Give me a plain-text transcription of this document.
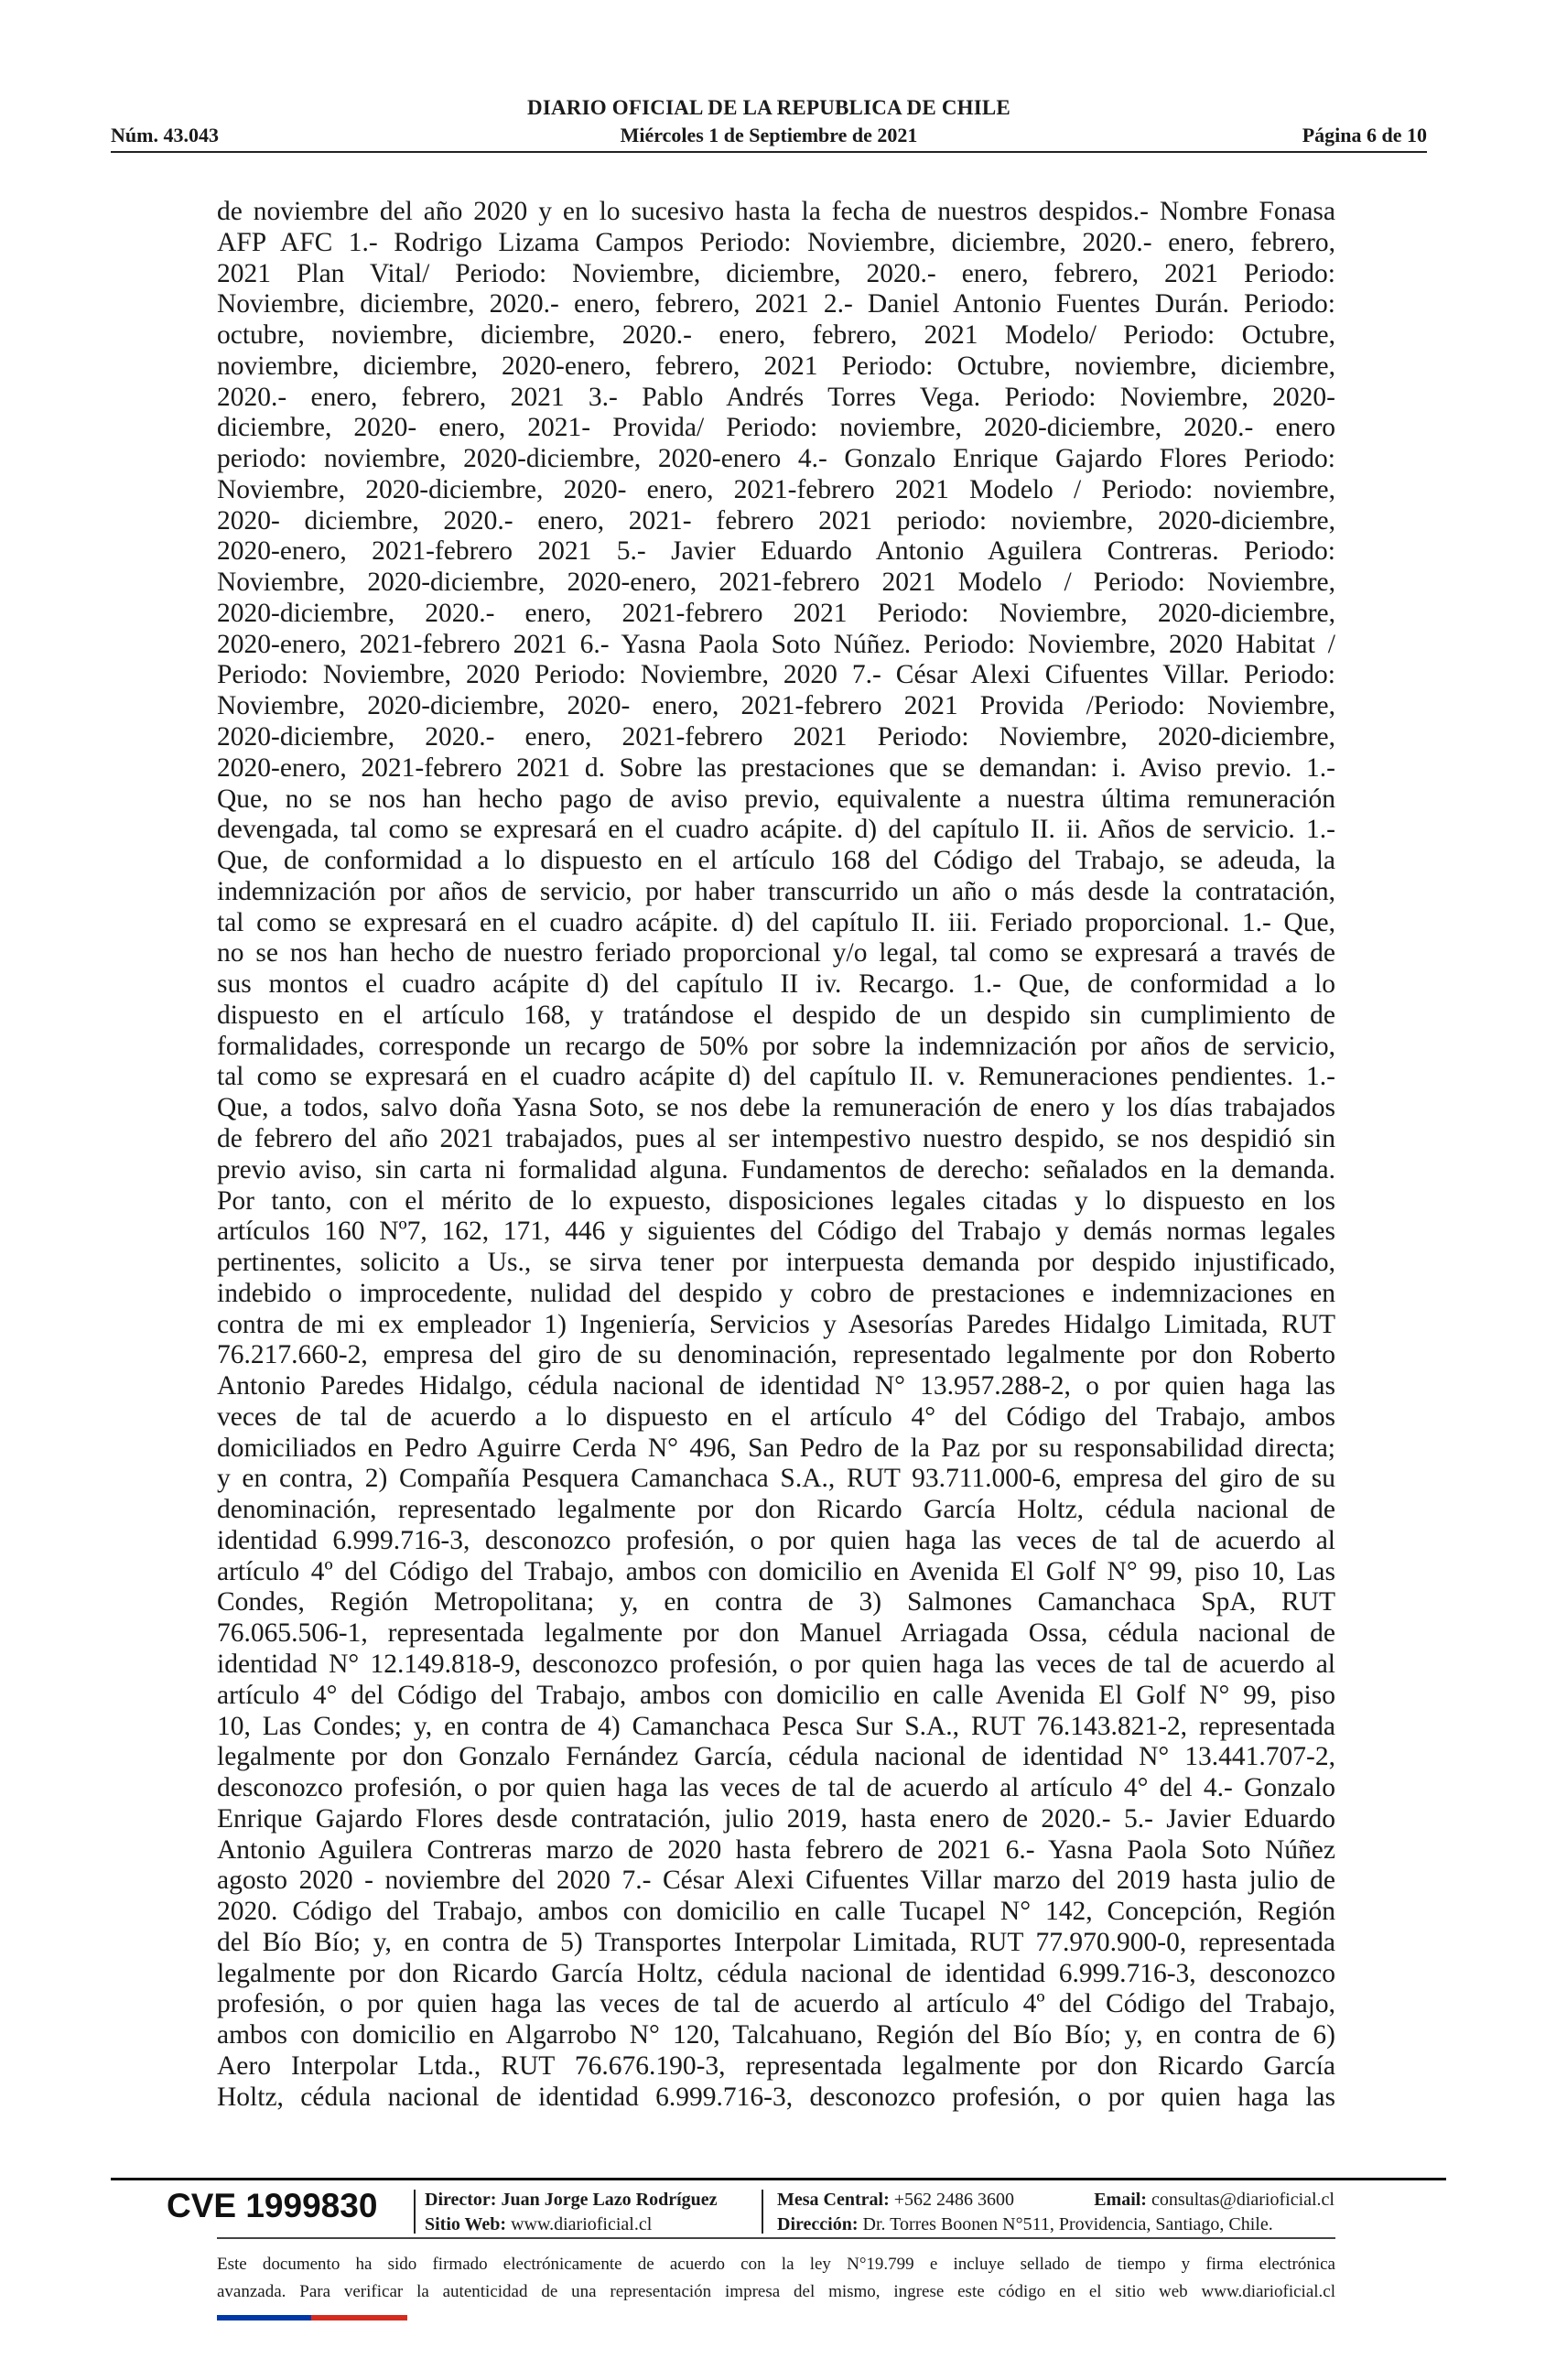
DIARIO OFICIAL DE LA REPUBLICA DE CHILE
Núm. 43.043	Miércoles 1 de Septiembre de 2021	Página 6 de 10
de noviembre del año 2020 y en lo sucesivo hasta la fecha de nuestros despidos.- Nombre Fonasa
AFP AFC 1.- Rodrigo Lizama Campos Periodo: Noviembre, diciembre, 2020.- enero, febrero,
2021 Plan Vital/ Periodo: Noviembre, diciembre, 2020.- enero, febrero, 2021 Periodo:
Noviembre, diciembre, 2020.- enero, febrero, 2021 2.- Daniel Antonio Fuentes Durán. Periodo:
octubre, noviembre, diciembre, 2020.- enero, febrero, 2021 Modelo/ Periodo: Octubre,
noviembre, diciembre, 2020-enero, febrero, 2021 Periodo: Octubre, noviembre, diciembre,
2020.- enero, febrero, 2021 3.- Pablo Andrés Torres Vega. Periodo: Noviembre, 2020-
diciembre, 2020- enero, 2021- Provida/ Periodo: noviembre, 2020-diciembre, 2020.- enero
periodo: noviembre, 2020-diciembre, 2020-enero 4.- Gonzalo Enrique Gajardo Flores Periodo:
Noviembre, 2020-diciembre, 2020- enero, 2021-febrero 2021 Modelo / Periodo: noviembre,
2020- diciembre, 2020.- enero, 2021- febrero 2021 periodo: noviembre, 2020-diciembre,
2020-enero, 2021-febrero 2021 5.- Javier Eduardo Antonio Aguilera Contreras. Periodo:
Noviembre, 2020-diciembre, 2020-enero, 2021-febrero 2021 Modelo / Periodo: Noviembre,
2020-diciembre, 2020.- enero, 2021-febrero 2021 Periodo: Noviembre, 2020-diciembre,
2020-enero, 2021-febrero 2021 6.- Yasna Paola Soto Núñez. Periodo: Noviembre, 2020 Habitat /
Periodo: Noviembre, 2020 Periodo: Noviembre, 2020 7.- César Alexi Cifuentes Villar. Periodo:
Noviembre, 2020-diciembre, 2020- enero, 2021-febrero 2021 Provida /Periodo: Noviembre,
2020-diciembre, 2020.- enero, 2021-febrero 2021 Periodo: Noviembre, 2020-diciembre,
2020-enero, 2021-febrero 2021 d. Sobre las prestaciones que se demandan: i. Aviso previo. 1.-
Que, no se nos han hecho pago de aviso previo, equivalente a nuestra última remuneración
devengada, tal como se expresará en el cuadro acápite. d) del capítulo II. ii. Años de servicio. 1.-
Que, de conformidad a lo dispuesto en el artículo 168 del Código del Trabajo, se adeuda, la
indemnización por años de servicio, por haber transcurrido un año o más desde la contratación,
tal como se expresará en el cuadro acápite. d) del capítulo II. iii. Feriado proporcional. 1.- Que,
no se nos han hecho de nuestro feriado proporcional y/o legal, tal como se expresará a través de
sus montos el cuadro acápite d) del capítulo II iv. Recargo. 1.- Que, de conformidad a lo
dispuesto en el artículo 168, y tratándose el despido de un despido sin cumplimiento de
formalidades, corresponde un recargo de 50% por sobre la indemnización por años de servicio,
tal como se expresará en el cuadro acápite d) del capítulo II. v. Remuneraciones pendientes. 1.-
Que, a todos, salvo doña Yasna Soto, se nos debe la remuneración de enero y los días trabajados
de febrero del año 2021 trabajados, pues al ser intempestivo nuestro despido, se nos despidió sin
previo aviso, sin carta ni formalidad alguna. Fundamentos de derecho: señalados en la demanda.
Por tanto, con el mérito de lo expuesto, disposiciones legales citadas y lo dispuesto en los
artículos 160 Nº7, 162, 171, 446 y siguientes del Código del Trabajo y demás normas legales
pertinentes, solicito a Us., se sirva tener por interpuesta demanda por despido injustificado,
indebido o improcedente, nulidad del despido y cobro de prestaciones e indemnizaciones en
contra de mi ex empleador 1) Ingeniería, Servicios y Asesorías Paredes Hidalgo Limitada, RUT
76.217.660-2, empresa del giro de su denominación, representado legalmente por don Roberto
Antonio Paredes Hidalgo, cédula nacional de identidad N° 13.957.288-2, o por quien haga las
veces de tal de acuerdo a lo dispuesto en el artículo 4° del Código del Trabajo, ambos
domiciliados en Pedro Aguirre Cerda N° 496, San Pedro de la Paz por su responsabilidad directa;
y en contra, 2) Compañía Pesquera Camanchaca S.A., RUT 93.711.000-6, empresa del giro de su
denominación, representado legalmente por don Ricardo García Holtz, cédula nacional de
identidad 6.999.716-3, desconozco profesión, o por quien haga las veces de tal de acuerdo al
artículo 4º del Código del Trabajo, ambos con domicilio en Avenida El Golf N° 99, piso 10, Las
Condes, Región Metropolitana; y, en contra de 3) Salmones Camanchaca SpA, RUT
76.065.506-1, representada legalmente por don Manuel Arriagada Ossa, cédula nacional de
identidad N° 12.149.818-9, desconozco profesión, o por quien haga las veces de tal de acuerdo al
artículo 4° del Código del Trabajo, ambos con domicilio en calle Avenida El Golf N° 99, piso
10, Las Condes; y, en contra de 4) Camanchaca Pesca Sur S.A., RUT 76.143.821-2, representada
legalmente por don Gonzalo Fernández García, cédula nacional de identidad N° 13.441.707-2,
desconozco profesión, o por quien haga las veces de tal de acuerdo al artículo 4° del 4.- Gonzalo
Enrique Gajardo Flores desde contratación, julio 2019, hasta enero de 2020.- 5.- Javier Eduardo
Antonio Aguilera Contreras marzo de 2020 hasta febrero de 2021 6.- Yasna Paola Soto Núñez
agosto 2020 - noviembre del 2020 7.- César Alexi Cifuentes Villar marzo del 2019 hasta julio de
2020. Código del Trabajo, ambos con domicilio en calle Tucapel N° 142, Concepción, Región
del Bío Bío; y, en contra de 5) Transportes Interpolar Limitada, RUT 77.970.900-0, representada
legalmente por don Ricardo García Holtz, cédula nacional de identidad 6.999.716-3, desconozco
profesión, o por quien haga las veces de tal de acuerdo al artículo 4º del Código del Trabajo,
ambos con domicilio en Algarrobo N° 120, Talcahuano, Región del Bío Bío; y, en contra de 6)
Aero Interpolar Ltda., RUT 76.676.190-3, representada legalmente por don Ricardo García
Holtz, cédula nacional de identidad 6.999.716-3, desconozco profesión, o por quien haga las
CVE 1999830	Director: Juan Jorge Lazo Rodríguez
Sitio Web: www.diarioficial.cl
Mesa Central: +562 2486 3600	Email: consultas@diarioficial.cl
Dirección: Dr. Torres Boonen N°511, Providencia, Santiago, Chile.
Este documento ha sido firmado electrónicamente de acuerdo con la ley N°19.799 e incluye sellado de tiempo y firma electrónica
avanzada. Para verificar la autenticidad de una representación impresa del mismo, ingrese este código en el sitio web www.diarioficial.cl
